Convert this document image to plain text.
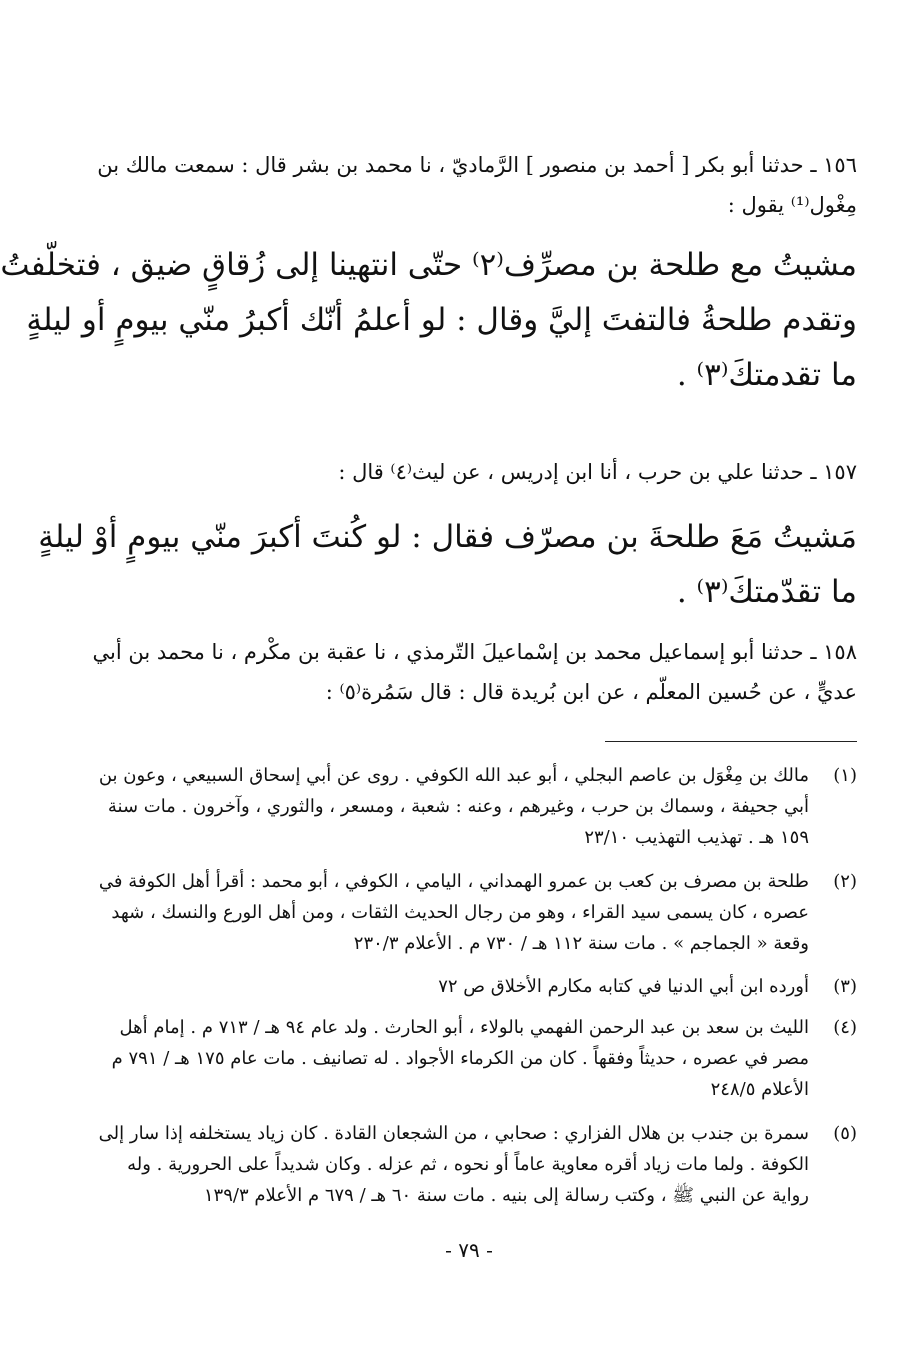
١٥٦ ـ حدثنا أبو بكر [ أحمد بن منصور ] الرَّماديّ ، نا محمد بن بشر قال : سمعت مالك بن
مِغْول⁽¹⁾ يقول :
مشيتُ مع طلحة بن مصرِّف⁽٢⁾ حتّى انتهينا إلى زُقاقٍ ضيق ، فتخلّفتُ
وتقدم طلحةُ فالتفتَ إليَّ وقال : لو أعلمُ أنّك أكبرُ منّي بيومٍ أو ليلةٍ
ما تقدمتكَ⁽٣⁾ .
١٥٧ ـ حدثنا علي بن حرب ، أنا ابن إدريس ، عن ليث⁽٤⁾ قال :
مَشيتُ مَعَ طلحةَ بن مصرّف فقال : لو كُنتَ أكبرَ منّي بيومٍ أوْ ليلةٍ
ما تقدّمتكَ⁽٣⁾ .
١٥٨ ـ حدثنا أبو إسماعيل محمد بن إسْماعيلَ التّرمذي ، نا عقبة بن مكْرم ، نا محمد بن أبي
عديٍّ ، عن حُسين المعلّم ، عن ابن بُريدة قال : قال سَمُرة⁽٥⁾ :
(١)
مالك بن مِغْوَل بن عاصم البجلي ، أبو عبد الله الكوفي . روى عن أبي إسحاق السبيعي ، وعون بن
أبي جحيفة ، وسماك بن حرب ، وغيرهم ، وعنه : شعبة ، ومسعر ، والثوري ، وآخرون . مات سنة
١٥٩ هـ . تهذيب التهذيب ٢٣/١٠
(٢)
طلحة بن مصرف بن كعب بن عمرو الهمداني ، اليامي ، الكوفي ، أبو محمد : أقرأ أهل الكوفة في
عصره ، كان يسمى سيد القراء ، وهو من رجال الحديث الثقات ، ومن أهل الورع والنسك ، شهد
وقعة « الجماجم » . مات سنة ١١٢ هـ / ٧٣٠ م . الأعلام ٢٣٠/٣
(٣)
أورده ابن أبي الدنيا في كتابه مكارم الأخلاق ص ٧٢
(٤)
الليث بن سعد بن عبد الرحمن الفهمي بالولاء ، أبو الحارث . ولد عام ٩٤ هـ / ٧١٣ م . إمام أهل
مصر في عصره ، حديثاً وفقهاً . كان من الكرماء الأجواد . له تصانيف . مات عام ١٧٥ هـ / ٧٩١ م
الأعلام ٢٤٨/٥
(٥)
سمرة بن جندب بن هلال الفزاري : صحابي ، من الشجعان القادة . كان زياد يستخلفه إذا سار إلى
الكوفة . ولما مات زياد أقره معاوية عاماً أو نحوه ، ثم عزله . وكان شديداً على الحرورية . وله
رواية عن النبي ﷺ ، وكتب رسالة إلى بنيه . مات سنة ٦٠ هـ / ٦٧٩ م الأعلام ١٣٩/٣
- ٧٩ -
